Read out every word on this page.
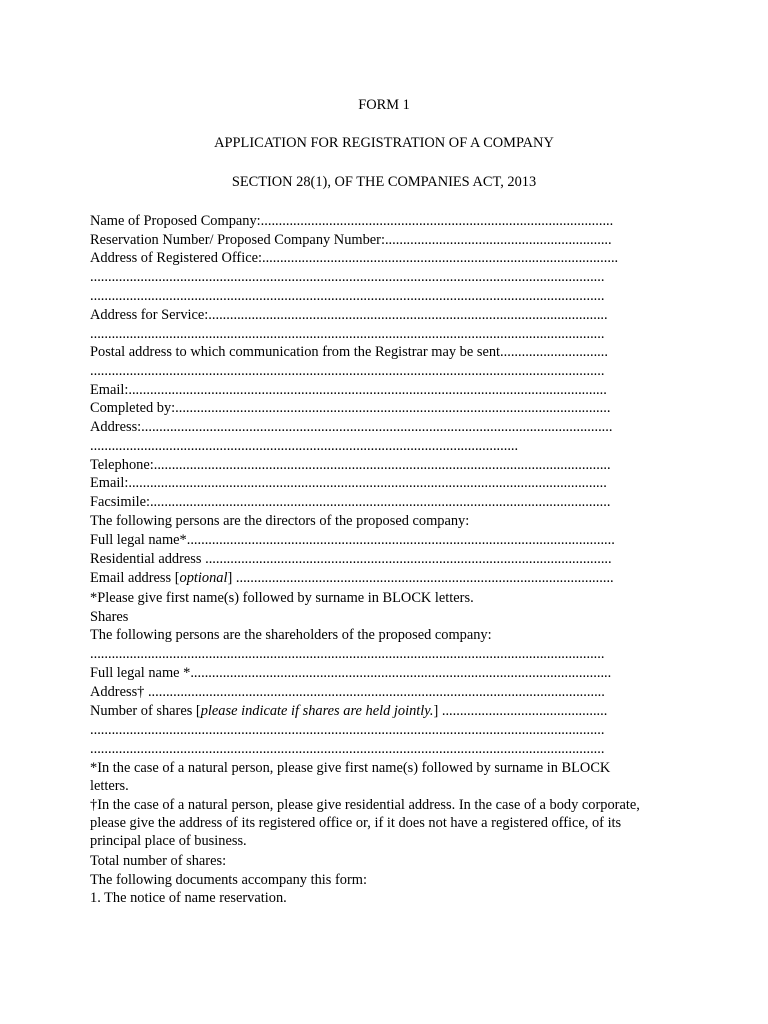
FORM 1
APPLICATION FOR REGISTRATION OF A COMPANY
SECTION 28(1), OF THE COMPANIES ACT, 2013
Name of Proposed Company:..................................................................................................
Reservation Number/ Proposed Company Number:...............................................................
Address of Registered Office:...................................................................................................
...............................................................................................................................................
...............................................................................................................................................
Address for Service:...............................................................................................................
...............................................................................................................................................
Postal address to which communication from the Registrar may be sent..............................
...............................................................................................................................................
Email:.....................................................................................................................................
Completed by:.........................................................................................................................
Address:...................................................................................................................................
.......................................................................................................................
Telephone:...............................................................................................................................
Email:.....................................................................................................................................
Facsimile:................................................................................................................................
The following persons are the directors of the proposed company:
Full legal name*.......................................................................................................................
Residential address .................................................................................................................
Email address [optional] .........................................................................................................
*Please give first name(s) followed by surname in BLOCK letters.
Shares
The following persons are the shareholders of the proposed company:
...............................................................................................................................................
Full legal name *.....................................................................................................................
Address† ...............................................................................................................................
Number of shares [please indicate if shares are held jointly.] ..............................................
...............................................................................................................................................
...............................................................................................................................................
*In the case of a natural person, please give first name(s) followed by surname in BLOCK letters.
†In the case of a natural person, please give residential address. In the case of a body corporate, please give the address of its registered office or, if it does not have a registered office, of its principal place of business.
Total number of shares:
The following documents accompany this form:
1. The notice of name reservation.
